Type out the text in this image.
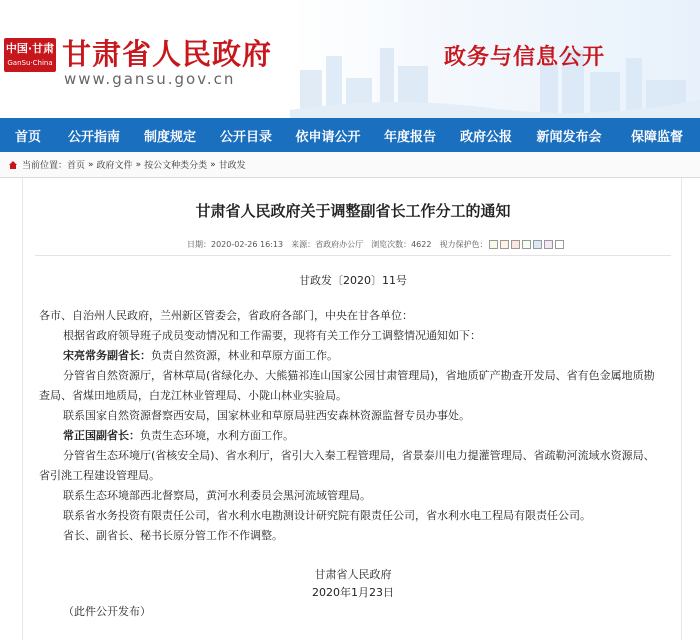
中国·甘肃
GanSu·China 甘肃省人民政府
www.gansu.gov.cn
政务与信息公开
首页	公开指南	制度规定	公开目录	依申请公开	年度报告	政府公报	新闻发布会	保障监督
当前位置： 首页 » 政府文件 » 按公文种类分类 » 甘政发
甘肃省人民政府关于调整副省长工作分工的通知
日期：2020-02-26 16:13 来源：省政府办公厅 浏览次数：4622 视力保护色：
甘政发〔2020〕11号
各市、自治州人民政府，兰州新区管委会，省政府各部门，中央在甘各单位：
根据省政府领导班子成员变动情况和工作需要，现将有关工作分工调整情况通知如下：
宋亮常务副省长：负责自然资源，林业和草原方面工作。
分管省自然资源厅，省林草局(省绿化办、大熊猫祁连山国家公园甘肃管理局)，省地质矿产勘查开发局、省有色金属地质勘
查局、省煤田地质局，白龙江林业管理局、小陇山林业实验局。
联系国家自然资源督察西安局，国家林业和草原局驻西安森林资源监督专员办事处。
常正国副省长：负责生态环境，水利方面工作。
分管省生态环境厅(省核安全局)、省水利厅，省引大入秦工程管理局，省景泰川电力提灌管理局、省疏勒河流域水资源局、
省引洮工程建设管理局。
联系生态环境部西北督察局，黄河水利委员会黑河流域管理局。
联系省水务投资有限责任公司，省水利水电勘测设计研究院有限责任公司，省水利水电工程局有限责任公司。
省长、副省长、秘书长原分管工作不作调整。
甘肃省人民政府
2020年1月23日
（此件公开发布）
